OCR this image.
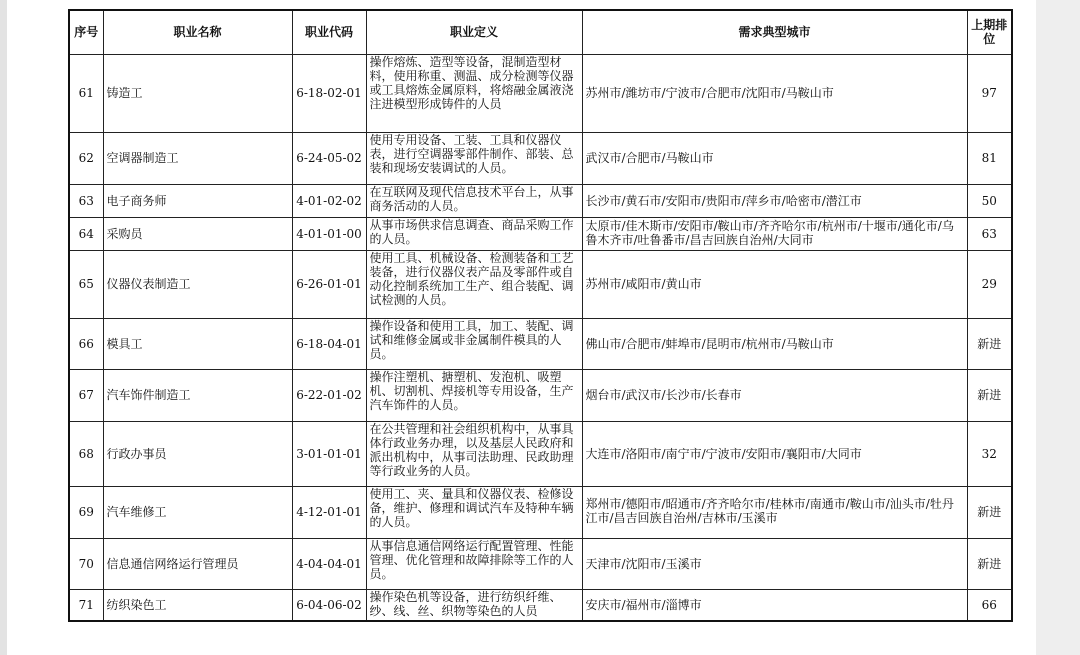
序号	职业名称	职业代码	职业定义	需求典型城市	上期排位
61	铸造工	6-18-02-01	操作熔炼、造型等设备，混制造型材料，使用称重、测温、成分检测等仪器或工具熔炼金属原料，将熔融金属液浇注进模型形成铸件的人员	苏州市/潍坊市/宁波市/合肥市/沈阳市/马鞍山市	97
62	空调器制造工	6-24-05-02	使用专用设备、工装、工具和仪器仪表，进行空调器零部件制作、部装、总装和现场安装调试的人员。	武汉市/合肥市/马鞍山市	81
63	电子商务师	4-01-02-02	在互联网及现代信息技术平台上，从事商务活动的人员。	长沙市/黄石市/安阳市/贵阳市/萍乡市/哈密市/潜江市	50
64	采购员	4-01-01-00	从事市场供求信息调查、商品采购工作的人员。	太原市/佳木斯市/安阳市/鞍山市/齐齐哈尔市/杭州市/十堰市/通化市/乌鲁木齐市/吐鲁番市/昌吉回族自治州/大同市	63
65	仪器仪表制造工	6-26-01-01	使用工具、机械设备、检测装备和工艺装备，进行仪器仪表产品及零部件或自动化控制系统加工生产、组合装配、调试检测的人员。	苏州市/咸阳市/黄山市	29
66	模具工	6-18-04-01	操作设备和使用工具，加工、装配、调试和维修金属或非金属制件模具的人员。	佛山市/合肥市/蚌埠市/昆明市/杭州市/马鞍山市	新进
67	汽车饰件制造工	6-22-01-02	操作注塑机、搪塑机、发泡机、吸塑机、切割机、焊接机等专用设备，生产汽车饰件的人员。	烟台市/武汉市/长沙市/长春市	新进
68	行政办事员	3-01-01-01	在公共管理和社会组织机构中，从事具体行政业务办理，以及基层人民政府和派出机构中，从事司法助理、民政助理等行政业务的人员。	大连市/洛阳市/南宁市/宁波市/安阳市/襄阳市/大同市	32
69	汽车维修工	4-12-01-01	使用工、夹、量具和仪器仪表、检修设备，维护、修理和调试汽车及特种车辆的人员。	郑州市/德阳市/昭通市/齐齐哈尔市/桂林市/南通市/鞍山市/汕头市/牡丹江市/昌吉回族自治州/吉林市/玉溪市	新进
70	信息通信网络运行管理员	4-04-04-01	从事信息通信网络运行配置管理、性能管理、优化管理和故障排除等工作的人员。	天津市/沈阳市/玉溪市	新进
71	纺织染色工	6-04-06-02	操作染色机等设备，进行纺织纤维、纱、线、丝、织物等染色的人员	安庆市/福州市/淄博市	66
